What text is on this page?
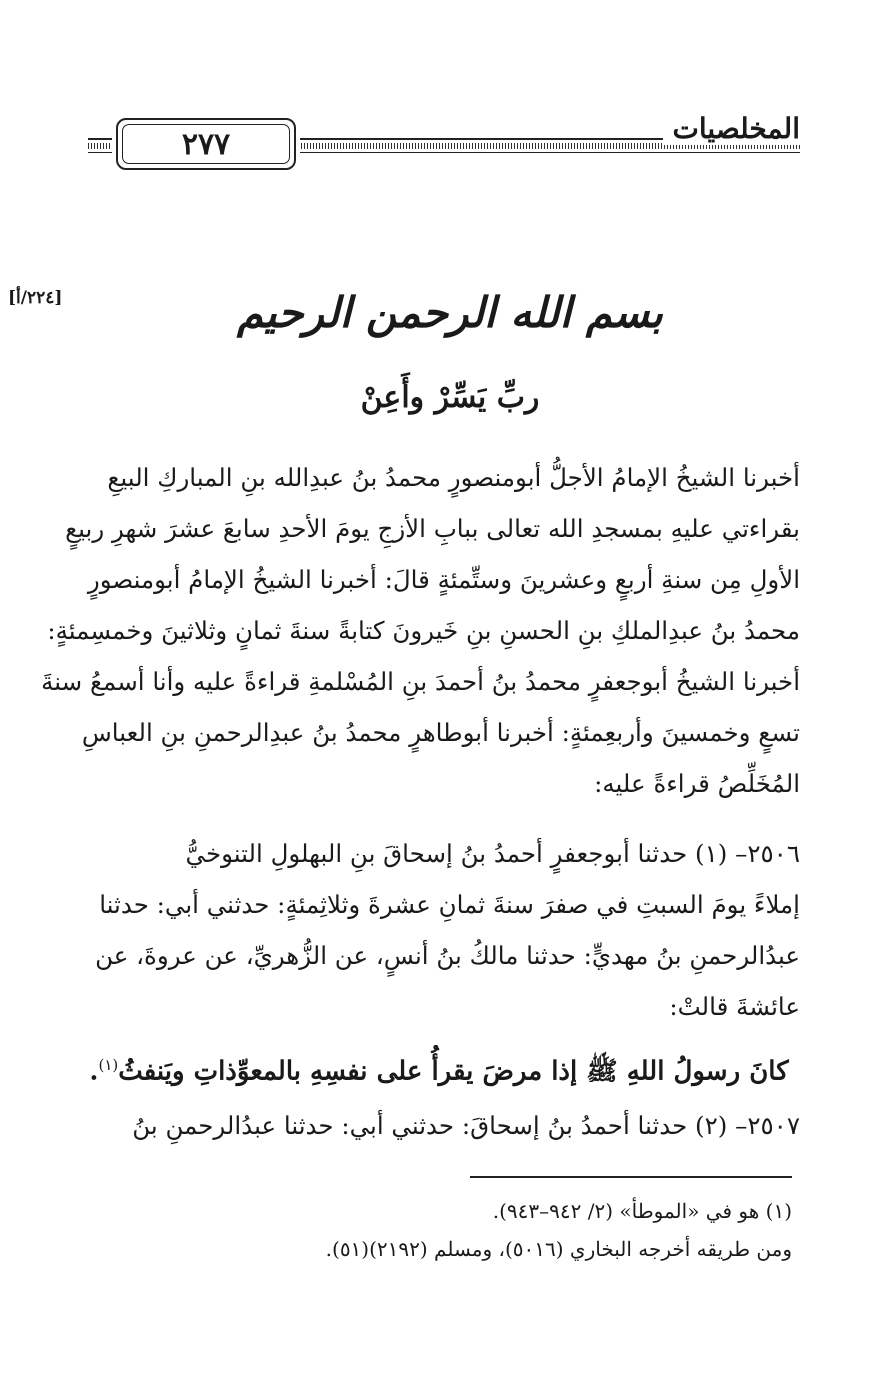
٢٧٧	المخلصيات
[٢٢٤/أ]	بسم الله الرحمن الرحيم
ربِّ يَسِّرْ وأَعِنْ
أخبرنا الشيخُ الإمامُ الأجلُّ أبومنصورٍ محمدُ بنُ عبدِالله بنِ المباركِ البيعِ
بقراءتي عليهِ بمسجدِ الله تعالى ببابِ الأزجِ يومَ الأحدِ سابعَ عشرَ شهرِ ربيعٍ
الأولِ مِن سنةِ أربعٍ وعشرينَ وستِّمئةٍ قالَ: أخبرنا الشيخُ الإمامُ أبومنصورٍ
محمدُ بنُ عبدِالملكِ بنِ الحسنِ بنِ خَيرونَ كتابةً سنةَ ثمانٍ وثلاثينَ وخمسِمئةٍ:
أخبرنا الشيخُ أبوجعفرٍ محمدُ بنُ أحمدَ بنِ المُسْلمةِ قراءةً عليه وأنا أسمعُ سنةَ
تسعٍ وخمسينَ وأربعِمئةٍ: أخبرنا أبوطاهرٍ محمدُ بنُ عبدِالرحمنِ بنِ العباسِ
المُخَلِّصُ قراءةً عليه:
٢٥٠٦– (١) حدثنا أبوجعفرٍ أحمدُ بنُ إسحاقَ بنِ البهلولِ التنوخيُّ
إملاءً يومَ السبتِ في صفرَ سنةَ ثمانِ عشرةَ وثلاثِمئةٍ: حدثني أبي: حدثنا
عبدُالرحمنِ بنُ مهديٍّ: حدثنا مالكُ بنُ أنسٍ، عن الزُّهريِّ، عن عروةَ، عن
عائشةَ قالتْ:
كانَ رسولُ اللهِ ﷺ إذا مرضَ يقرأُ على نفسِهِ بالمعوِّذاتِ ويَنفثُ$^{(١)}$.
٢٥٠٧– (٢) حدثنا أحمدُ بنُ إسحاقَ: حدثني أبي: حدثنا عبدُالرحمنِ بنُ
(١) هو في «الموطأ» (٢/ ٩٤٢–٩٤٣).
ومن طريقه أخرجه البخاري (٥٠١٦)، ومسلم (٢١٩٢)(٥١).
